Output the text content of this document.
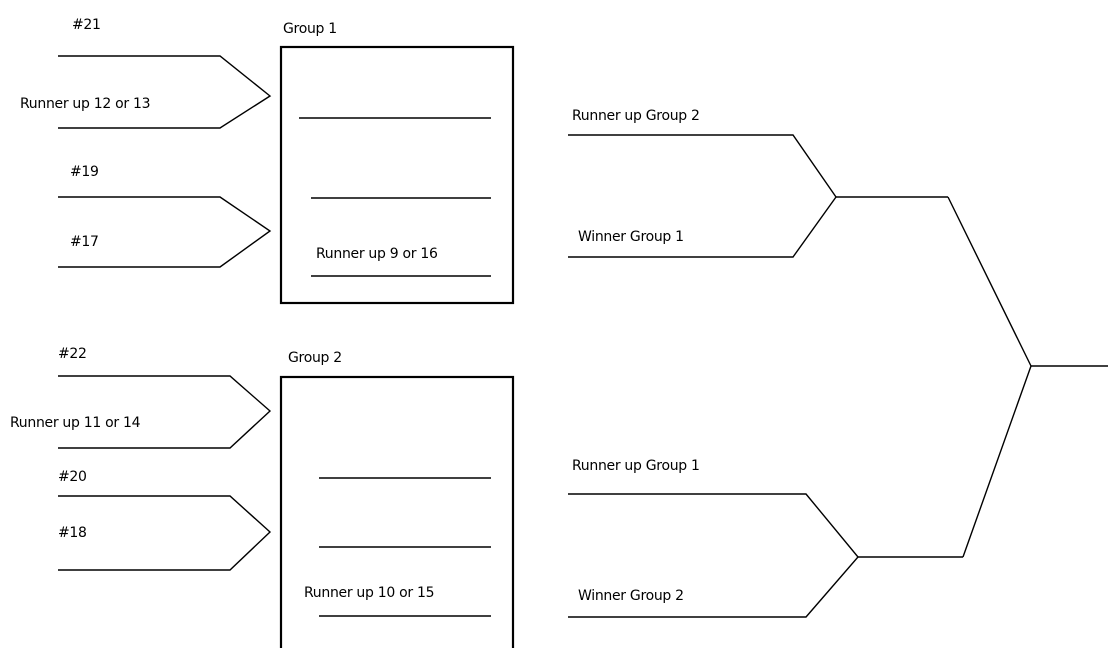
#21
Runner up 12 or 13
#19
#17
Group 1
Runner up 9 or 16
#22
Runner up 11 or 14
#20
#18
Group 2
Runner up 10 or 15
Runner up Group 2
Winner Group 1
Runner up Group 1
Winner Group 2
